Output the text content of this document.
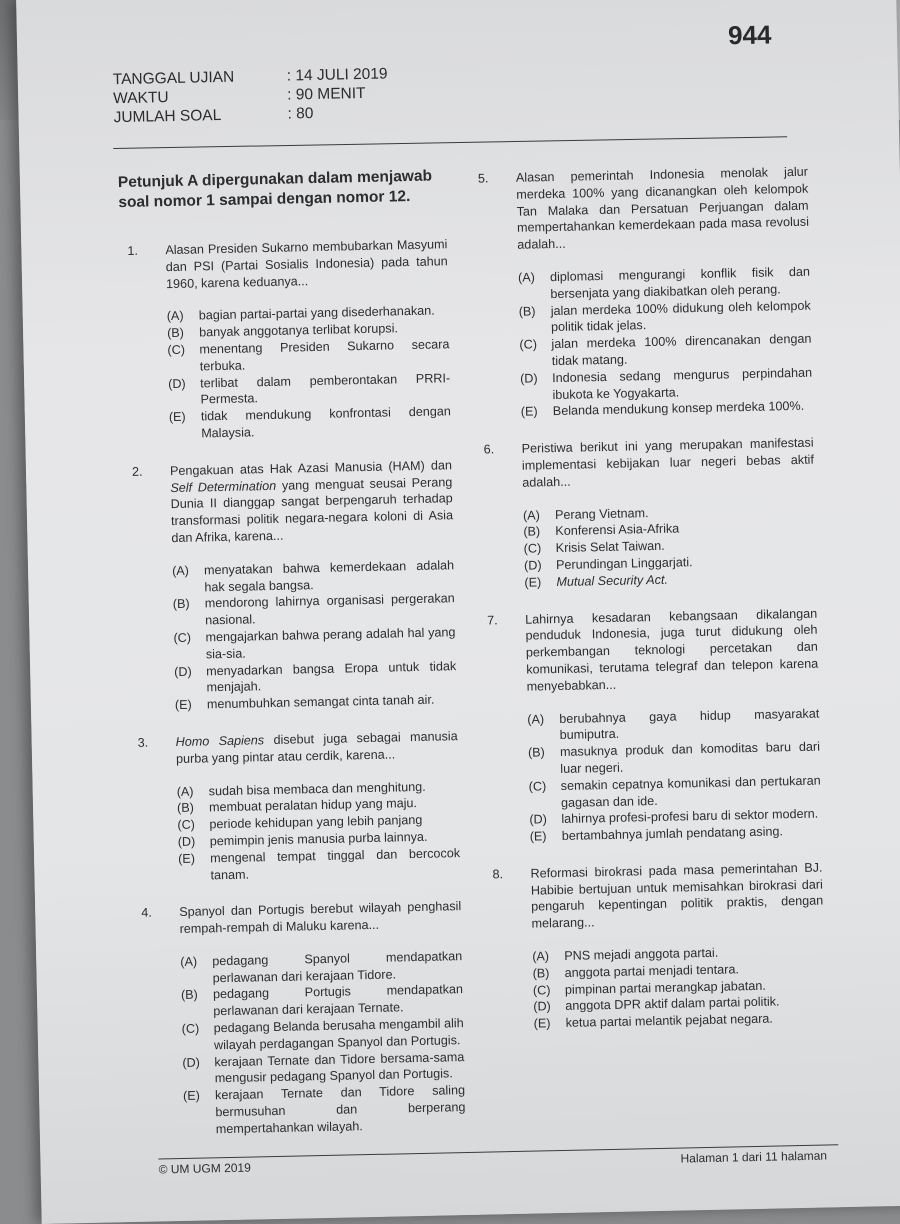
944
TANGGAL UJIAN	: 14 JULI 2019
WAKTU	: 90 MENIT
JUMLAH SOAL	: 80
Petunjuk A dipergunakan dalam menjawab soal nomor 1 sampai dengan nomor 12.
1.	Alasan Presiden Sukarno membubarkan Masyumi dan PSI (Partai Sosialis Indonesia) pada tahun 1960, karena keduanya...
(A)	bagian partai-partai yang disederhanakan.
(B)	banyak anggotanya terlibat korupsi.
(C)	menentang Presiden Sukarno secara terbuka.
(D)	terlibat dalam pemberontakan PRRI-Permesta.
(E)	tidak mendukung konfrontasi dengan Malaysia.
2.	Pengakuan atas Hak Azasi Manusia (HAM) dan Self Determination yang menguat seusai Perang Dunia II dianggap sangat berpengaruh terhadap transformasi politik negara-negara koloni di Asia dan Afrika, karena...
(A)	menyatakan bahwa kemerdekaan adalah hak segala bangsa.
(B)	mendorong lahirnya organisasi pergerakan nasional.
(C)	mengajarkan bahwa perang adalah hal yang sia-sia.
(D)	menyadarkan bangsa Eropa untuk tidak menjajah.
(E)	menumbuhkan semangat cinta tanah air.
3.	Homo Sapiens disebut juga sebagai manusia purba yang pintar atau cerdik, karena...
(A)	sudah bisa membaca dan menghitung.
(B)	membuat peralatan hidup yang maju.
(C)	periode kehidupan yang lebih panjang
(D)	pemimpin jenis manusia purba lainnya.
(E)	mengenal tempat tinggal dan bercocok tanam.
4.	Spanyol dan Portugis berebut wilayah penghasil rempah-rempah di Maluku karena...
(A)	pedagang Spanyol mendapatkan perlawanan dari kerajaan Tidore.
(B)	pedagang Portugis mendapatkan perlawanan dari kerajaan Ternate.
(C)	pedagang Belanda berusaha mengambil alih wilayah perdagangan Spanyol dan Portugis.
(D)	kerajaan Ternate dan Tidore bersama-sama mengusir pedagang Spanyol dan Portugis.
(E)	kerajaan Ternate dan Tidore saling bermusuhan dan berperang mempertahankan wilayah.
5.	Alasan pemerintah Indonesia menolak jalur merdeka 100% yang dicanangkan oleh kelompok Tan Malaka dan Persatuan Perjuangan dalam mempertahankan kemerdekaan pada masa revolusi adalah...
(A)	diplomasi mengurangi konflik fisik dan bersenjata yang diakibatkan oleh perang.
(B)	jalan merdeka 100% didukung oleh kelompok politik tidak jelas.
(C)	jalan merdeka 100% direncanakan dengan tidak matang.
(D)	Indonesia sedang mengurus perpindahan ibukota ke Yogyakarta.
(E)	Belanda mendukung konsep merdeka 100%.
6.	Peristiwa berikut ini yang merupakan manifestasi implementasi kebijakan luar negeri bebas aktif adalah...
(A)	Perang Vietnam.
(B)	Konferensi Asia-Afrika
(C)	Krisis Selat Taiwan.
(D)	Perundingan Linggarjati.
(E)	Mutual Security Act.
7.	Lahirnya kesadaran kebangsaan dikalangan penduduk Indonesia, juga turut didukung oleh perkembangan teknologi percetakan dan komunikasi, terutama telegraf dan telepon karena menyebabkan...
(A)	berubahnya gaya hidup masyarakat bumiputra.
(B)	masuknya produk dan komoditas baru dari luar negeri.
(C)	semakin cepatnya komunikasi dan pertukaran gagasan dan ide.
(D)	lahirnya profesi-profesi baru di sektor modern.
(E)	bertambahnya jumlah pendatang asing.
8.	Reformasi birokrasi pada masa pemerintahan BJ. Habibie bertujuan untuk memisahkan birokrasi dari pengaruh kepentingan politik praktis, dengan melarang...
(A)	PNS mejadi anggota partai.
(B)	anggota partai menjadi tentara.
(C)	pimpinan partai merangkap jabatan.
(D)	anggota DPR aktif dalam partai politik.
(E)	ketua partai melantik pejabat negara.
© UM UGM 2019
Halaman 1 dari 11 halaman
